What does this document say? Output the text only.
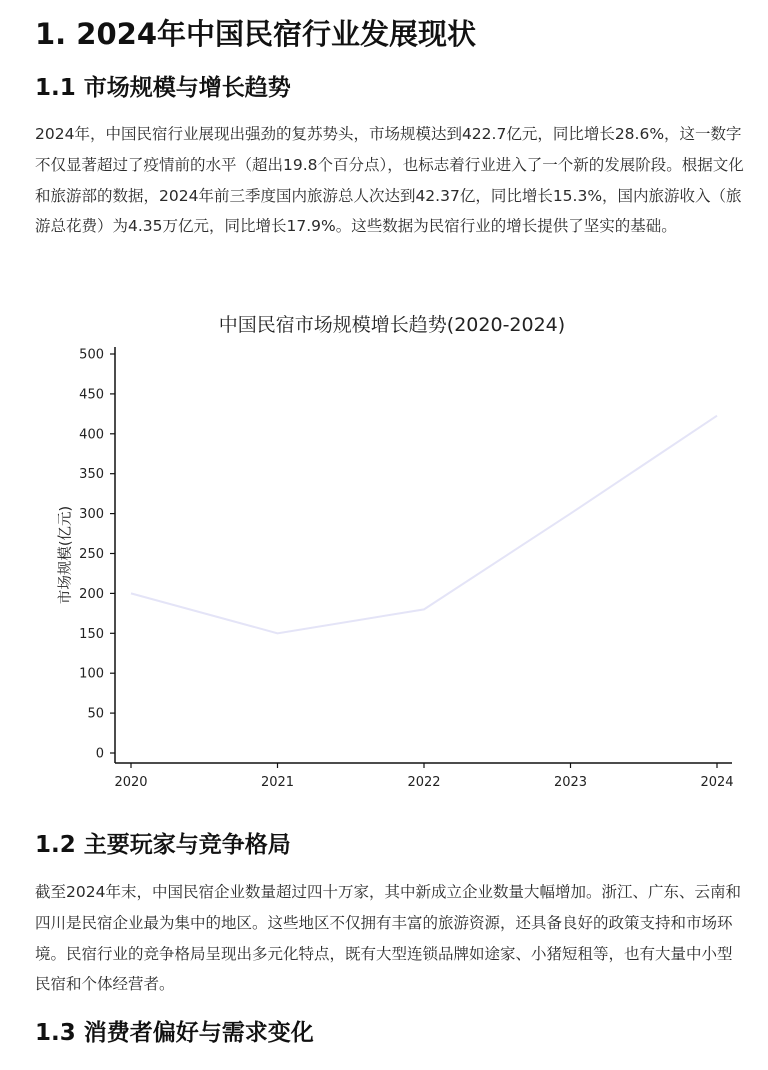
1. 2024年中国民宿行业发展现状
1.1 市场规模与增长趋势

2024年，中国民宿行业展现出强劲的复苏势头，市场规模达到422.7亿元，同比增长28.6%，这一数字不仅显著超过了疫情前的水平（超出19.8个百分点），也标志着行业进入了一个新的发展阶段。根据文化和旅游部的数据，2024年前三季度国内旅游总人次达到42.37亿，同比增长15.3%，国内旅游收入（旅游总花费）为4.35万亿元，同比增长17.9%。这些数据为民宿行业的增长提供了坚实的基础。

中国民宿市场规模增长趋势(2020-2024)
市场规模(亿元)
0
50
100
150
200
250
300
350
400
450
500
2020	2021	2022	2023	2024
1.2 主要玩家与竞争格局

截至2024年末，中国民宿企业数量超过四十万家，其中新成立企业数量大幅增加。浙江、广东、云南和四川是民宿企业最为集中的地区。这些地区不仅拥有丰富的旅游资源，还具备良好的政策支持和市场环境。民宿行业的竞争格局呈现出多元化特点，既有大型连锁品牌如途家、小猪短租等，也有大量中小型民宿和个体经营者。

1.3 消费者偏好与需求变化
